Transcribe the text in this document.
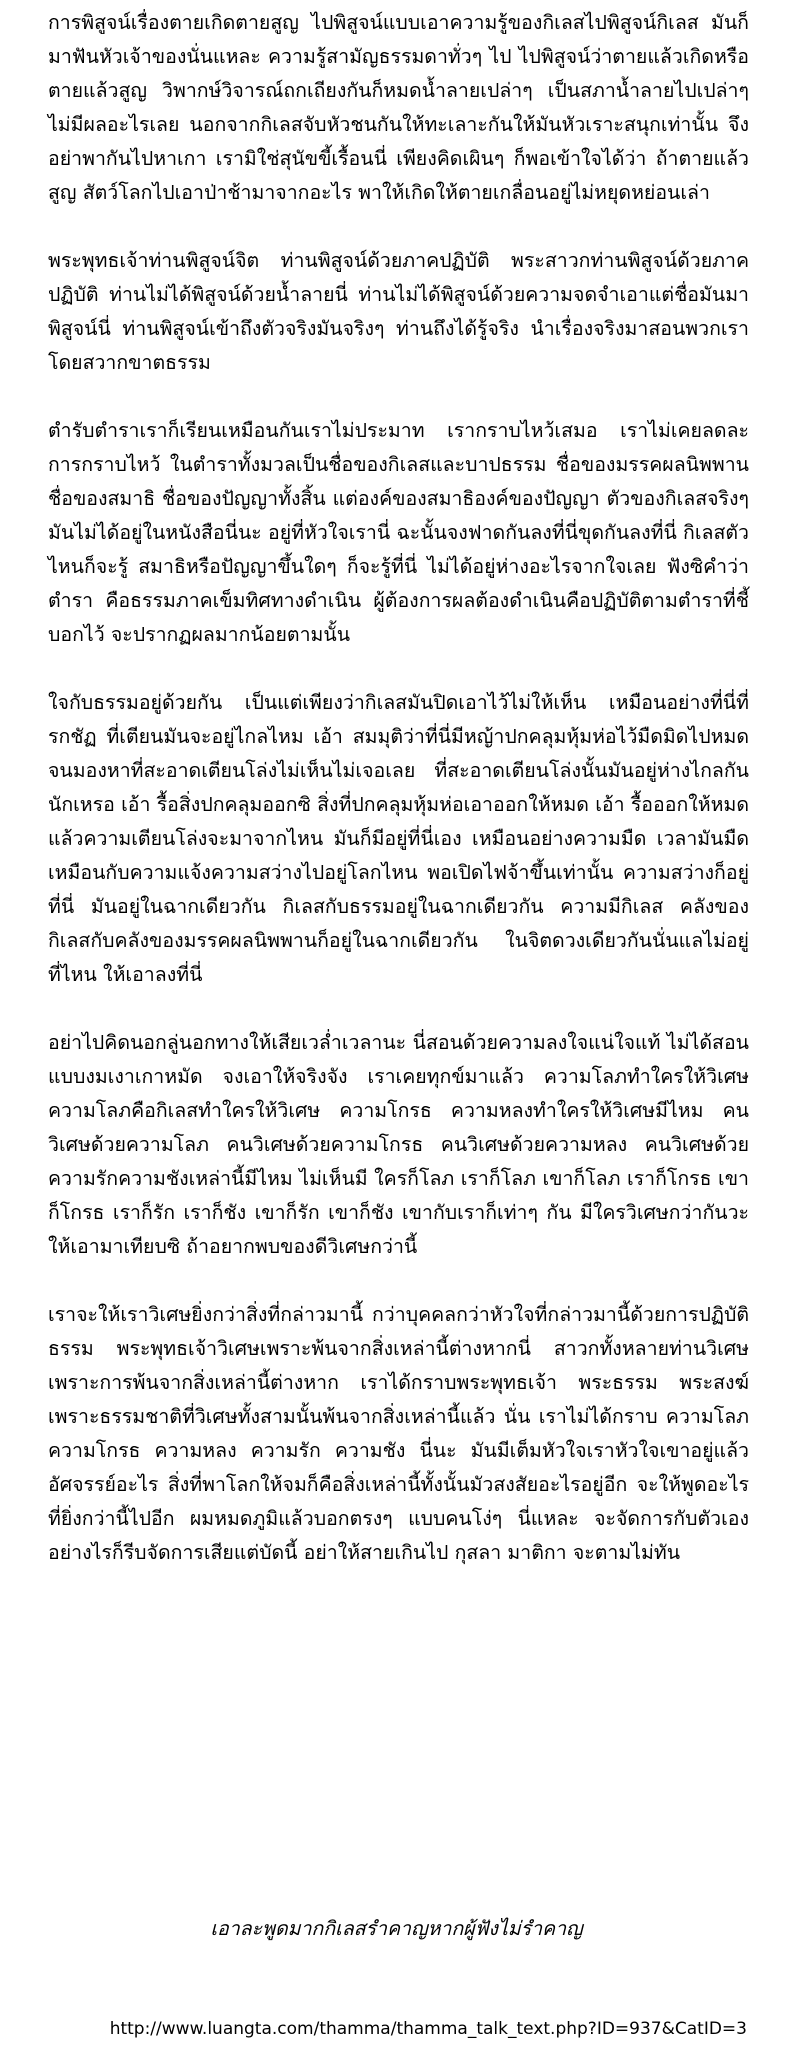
การพิสูจน์เรื่องตายเกิดตายสูญ ไปพิสูจน์แบบเอาความรู้ของกิเลสไปพิสูจน์กิเลส มันก็มาฟันหัวเจ้าของนั่นแหละ ความรู้สามัญธรรมดาทั่วๆ ไป ไปพิสูจน์ว่าตายแล้วเกิดหรือตายแล้วสูญ วิพากษ์วิจารณ์ถกเถียงกันก็หมดน้ำลายเปล่าๆ เป็นสภาน้ำลายไปเปล่าๆ ไม่มีผลอะไรเลย นอกจากกิเลสจับหัวชนกันให้ทะเลาะกันให้มันหัวเราะสนุกเท่านั้น จึงอย่าพากันไปหาเกา เรามิใช่สุนัขขี้เรื้อนนี่ เพียงคิดเผินๆ ก็พอเข้าใจได้ว่า ถ้าตายแล้วสูญ สัตว์โลกไปเอาป่าช้ามาจากอะไร พาให้เกิดให้ตายเกลื่อนอยู่ไม่หยุดหย่อนเล่า

พระพุทธเจ้าท่านพิสูจน์จิต ท่านพิสูจน์ด้วยภาคปฏิบัติ พระสาวกท่านพิสูจน์ด้วยภาคปฏิบัติ ท่านไม่ได้พิสูจน์ด้วยน้ำลายนี่ ท่านไม่ได้พิสูจน์ด้วยความจดจำเอาแต่ชื่อมันมาพิสูจน์นี่ ท่านพิสูจน์เข้าถึงตัวจริงมันจริงๆ ท่านถึงได้รู้จริง นำเรื่องจริงมาสอนพวกเราโดยสวากขาตธรรม

ตำรับตำราเราก็เรียนเหมือนกันเราไม่ประมาท เรากราบไหว้เสมอ เราไม่เคยลดละการกราบไหว้ ในตำราทั้งมวลเป็นชื่อของกิเลสและบาปธรรม ชื่อของมรรคผลนิพพาน ชื่อของสมาธิ ชื่อของปัญญาทั้งสิ้น แต่องค์ของสมาธิองค์ของปัญญา ตัวของกิเลสจริงๆ มันไม่ได้อยู่ในหนังสือนี่นะ อยู่ที่หัวใจเรานี่ ฉะนั้นจงฟาดกันลงที่นี่ขุดกันลงที่นี่ กิเลสตัวไหนก็จะรู้ สมาธิหรือปัญญาขึ้นใดๆ ก็จะรู้ที่นี่ ไม่ได้อยู่ห่างอะไรจากใจเลย ฟังซิคำว่าตำรา คือธรรมภาคเข็มทิศทางดำเนิน ผู้ต้องการผลต้องดำเนินคือปฏิบัติตามตำราที่ชี้บอกไว้ จะปรากฏผลมากน้อยตามนั้น

ใจกับธรรมอยู่ด้วยกัน เป็นแต่เพียงว่ากิเลสมันปิดเอาไว้ไม่ให้เห็น เหมือนอย่างที่นี่ที่รกชัฏ ที่เตียนมันจะอยู่ไกลไหม เอ้า สมมุติว่าที่นี่มีหญ้าปกคลุมหุ้มห่อไว้มืดมิดไปหมด จนมองหาที่สะอาดเตียนโล่งไม่เห็นไม่เจอเลย ที่สะอาดเตียนโล่งนั้นมันอยู่ห่างไกลกันนักเหรอ เอ้า รื้อสิ่งปกคลุมออกซิ สิ่งที่ปกคลุมหุ้มห่อเอาออกให้หมด เอ้า รื้อออกให้หมด แล้วความเตียนโล่งจะมาจากไหน มันก็มีอยู่ที่นี่เอง เหมือนอย่างความมืด เวลามันมืดเหมือนกับความแจ้งความสว่างไปอยู่โลกไหน พอเปิดไฟจ้าขึ้นเท่านั้น ความสว่างก็อยู่ที่นี่ มันอยู่ในฉากเดียวกัน กิเลสกับธรรมอยู่ในฉากเดียวกัน ความมีกิเลส คลังของกิเลสกับคลังของมรรคผลนิพพานก็อยู่ในฉากเดียวกัน ในจิตดวงเดียวกันนั่นแลไม่อยู่ที่ไหน ให้เอาลงที่นี่

อย่าไปคิดนอกลู่นอกทางให้เสียเวล่ำเวลานะ นี่สอนด้วยความลงใจแน่ใจแท้ ไม่ได้สอนแบบงมเงาเกาหมัด จงเอาให้จริงจัง เราเคยทุกข์มาแล้ว ความโลภทำใครให้วิเศษ ความโลภคือกิเลสทำใครให้วิเศษ ความโกรธ ความหลงทำใครให้วิเศษมีไหม คนวิเศษด้วยความโลภ คนวิเศษด้วยความโกรธ คนวิเศษด้วยความหลง คนวิเศษด้วยความรักความชังเหล่านี้มีไหม ไม่เห็นมี ใครก็โลภ เราก็โลภ เขาก็โลภ เราก็โกรธ เขาก็โกรธ เราก็รัก เราก็ชัง เขาก็รัก เขาก็ชัง เขากับเราก็เท่าๆ กัน มีใครวิเศษกว่ากันวะ ให้เอามาเทียบซิ ถ้าอยากพบของดีวิเศษกว่านี้

เราจะให้เราวิเศษยิ่งกว่าสิ่งที่กล่าวมานี้ กว่าบุคคลกว่าหัวใจที่กล่าวมานี้ด้วยการปฏิบัติธรรม พระพุทธเจ้าวิเศษเพราะพ้นจากสิ่งเหล่านี้ต่างหากนี่ สาวกทั้งหลายท่านวิเศษเพราะการพ้นจากสิ่งเหล่านี้ต่างหาก เราได้กราบพระพุทธเจ้า พระธรรม พระสงฆ์ เพราะธรรมชาติที่วิเศษทั้งสามนั้นพ้นจากสิ่งเหล่านี้แล้ว นั่น เราไม่ได้กราบ ความโลภ ความโกรธ ความหลง ความรัก ความชัง นี่นะ มันมีเต็มหัวใจเราหัวใจเขาอยู่แล้วอัศจรรย์อะไร สิ่งที่พาโลกให้จมก็คือสิ่งเหล่านี้ทั้งนั้นมัวสงสัยอะไรอยู่อีก จะให้พูดอะไรที่ยิ่งกว่านี้ไปอีก ผมหมดภูมิแล้วบอกตรงๆ แบบคนโง่ๆ นี่แหละ จะจัดการกับตัวเองอย่างไรก็รีบจัดการเสียแต่บัดนี้ อย่าให้สายเกินไป กุสลา มาติกา จะตามไม่ทัน

เอาละพูดมากกิเลสรำคาญหากผู้ฟังไม่รำคาญ
http://www.luangta.com/thamma/thamma_talk_text.php?ID=937&CatID=3
